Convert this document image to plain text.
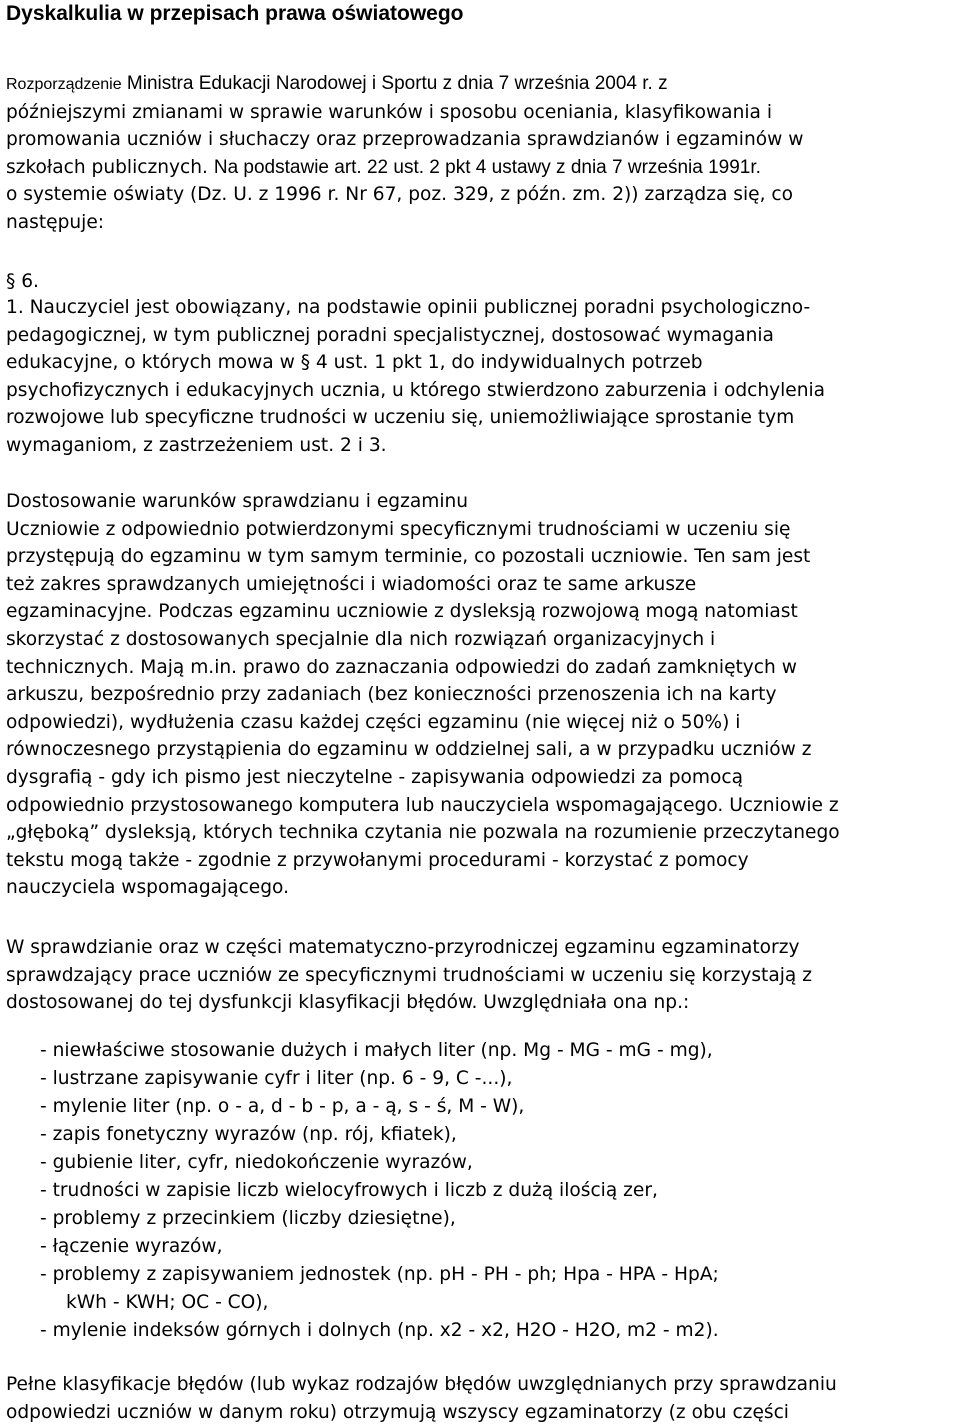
Dyskalkulia w przepisach prawa oświatowego
Rozporządzenie Ministra Edukacji Narodowej i Sportu z dnia 7 września 2004 r. z
późniejszymi zmianami w sprawie warunków i sposobu oceniania, klasyfikowania i
promowania uczniów i słuchaczy oraz przeprowadzania sprawdzianów i egzaminów w
szkołach publicznych. Na podstawie art. 22 ust. 2 pkt 4 ustawy z dnia 7 września 1991r.
o systemie oświaty (Dz. U. z 1996 r. Nr 67, poz. 329, z późn. zm. 2)) zarządza się, co
następuje:
§ 6.
1. Nauczyciel jest obowiązany, na podstawie opinii publicznej poradni psychologiczno-
pedagogicznej, w tym publicznej poradni specjalistycznej, dostosować wymagania
edukacyjne, o których mowa w § 4 ust. 1 pkt 1, do indywidualnych potrzeb
psychofizycznych i edukacyjnych ucznia, u którego stwierdzono zaburzenia i odchylenia
rozwojowe lub specyficzne trudności w uczeniu się, uniemożliwiające sprostanie tym
wymaganiom, z zastrzeżeniem ust. 2 i 3.
Dostosowanie warunków sprawdzianu i egzaminu
Uczniowie z odpowiednio potwierdzonymi specyficznymi trudnościami w uczeniu się
przystępują do egzaminu w tym samym terminie, co pozostali uczniowie. Ten sam jest
też zakres sprawdzanych umiejętności i wiadomości oraz te same arkusze
egzaminacyjne. Podczas egzaminu uczniowie z dysleksją rozwojową mogą natomiast
skorzystać z dostosowanych specjalnie dla nich rozwiązań organizacyjnych i
technicznych. Mają m.in. prawo do zaznaczania odpowiedzi do zadań zamkniętych w
arkuszu, bezpośrednio przy zadaniach (bez konieczności przenoszenia ich na karty
odpowiedzi), wydłużenia czasu każdej części egzaminu (nie więcej niż o 50%) i
równoczesnego przystąpienia do egzaminu w oddzielnej sali, a w przypadku uczniów z
dysgrafią - gdy ich pismo jest nieczytelne - zapisywania odpowiedzi za pomocą
odpowiednio przystosowanego komputera lub nauczyciela wspomagającego. Uczniowie z
„głęboką” dysleksją, których technika czytania nie pozwala na rozumienie przeczytanego
tekstu mogą także - zgodnie z przywołanymi procedurami - korzystać z pomocy
nauczyciela wspomagającego.
W sprawdzianie oraz w części matematyczno-przyrodniczej egzaminu egzaminatorzy
sprawdzający prace uczniów ze specyficznymi trudnościami w uczeniu się korzystają z
dostosowanej do tej dysfunkcji klasyfikacji błędów. Uwzględniała ona np.:
- niewłaściwe stosowanie dużych i małych liter (np. Mg - MG - mG - mg),
- lustrzane zapisywanie cyfr i liter (np. 6 - 9, C -...),
- mylenie liter (np. o - a, d - b - p, a - ą, s - ś, M - W),
- zapis fonetyczny wyrazów (np. rój, kfiatek),
- gubienie liter, cyfr, niedokończenie wyrazów,
- trudności w zapisie liczb wielocyfrowych i liczb z dużą ilością zer,
- problemy z przecinkiem (liczby dziesiętne),
- łączenie wyrazów,
- problemy z zapisywaniem jednostek (np. pH - PH - ph; Hpa - HPA - HpA;
kWh - KWH; OC - CO),
- mylenie indeksów górnych i dolnych (np. x2 - x2, H2O - H2O, m2 - m2).
Pełne klasyfikacje błędów (lub wykaz rodzajów błędów uwzględnianych przy sprawdzaniu
odpowiedzi uczniów w danym roku) otrzymują wszyscy egzaminatorzy (z obu części
